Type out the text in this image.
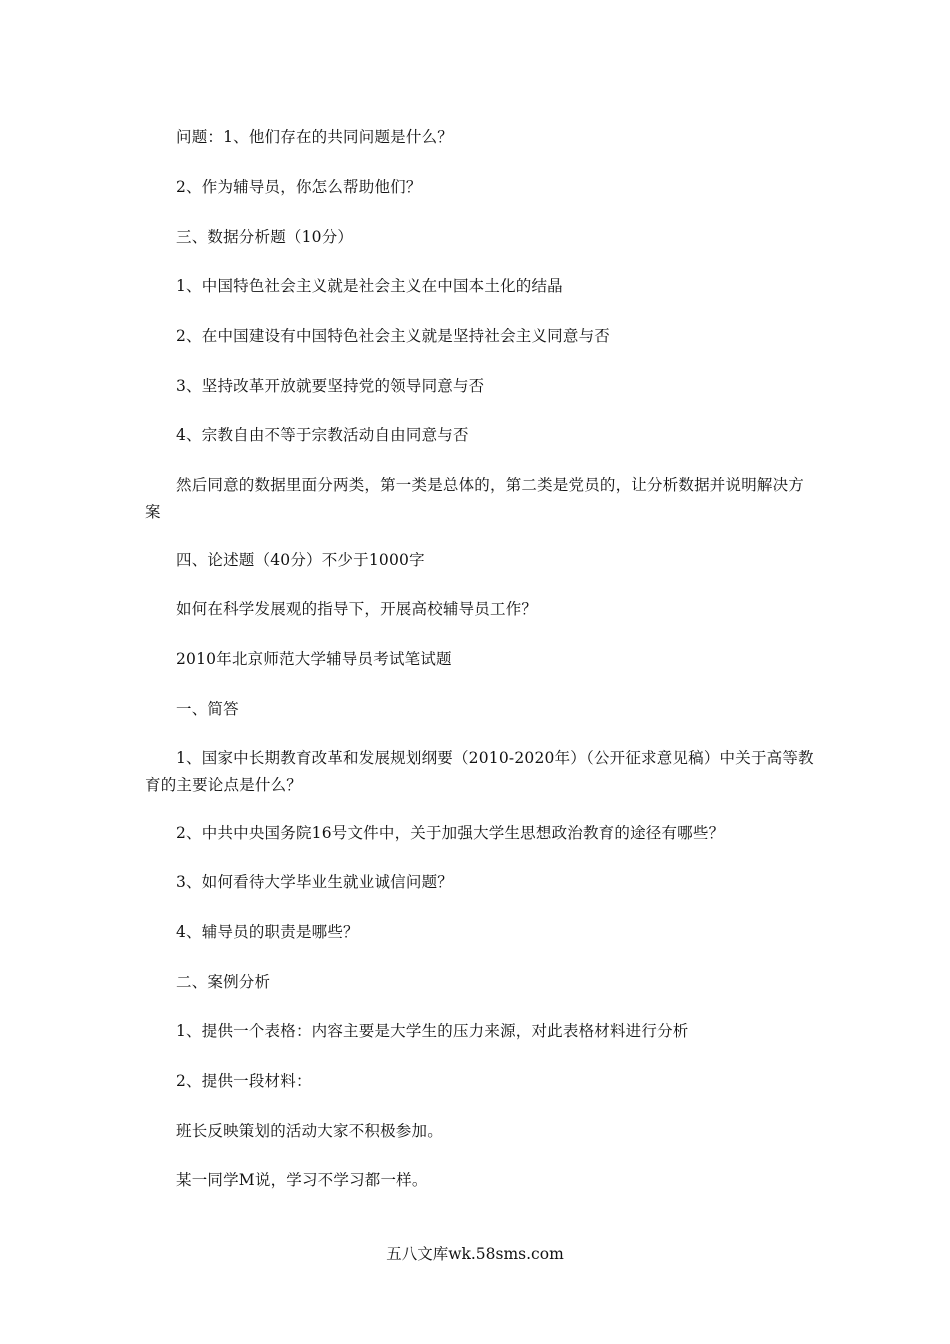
问题：1、他们存在的共同问题是什么？

2、作为辅导员，你怎么帮助他们？

三、数据分析题（10分）

1、中国特色社会主义就是社会主义在中国本土化的结晶

2、在中国建设有中国特色社会主义就是坚持社会主义同意与否

3、坚持改革开放就要坚持党的领导同意与否

4、宗教自由不等于宗教活动自由同意与否

然后同意的数据里面分两类，第一类是总体的，第二类是党员的，让分析数据并说明解决方案

四、论述题（40分）不少于1000字

如何在科学发展观的指导下，开展高校辅导员工作？

2010年北京师范大学辅导员考试笔试题

一、简答

1、国家中长期教育改革和发展规划纲要（2010-2020年）（公开征求意见稿）中关于高等教育的主要论点是什么？

2、中共中央国务院16号文件中，关于加强大学生思想政治教育的途径有哪些？

3、如何看待大学毕业生就业诚信问题？

4、辅导员的职责是哪些？

二、案例分析

1、提供一个表格：内容主要是大学生的压力来源，对此表格材料进行分析

2、提供一段材料：

班长反映策划的活动大家不积极参加。

某一同学M说，学习不学习都一样。

五八文库wk.58sms.com
